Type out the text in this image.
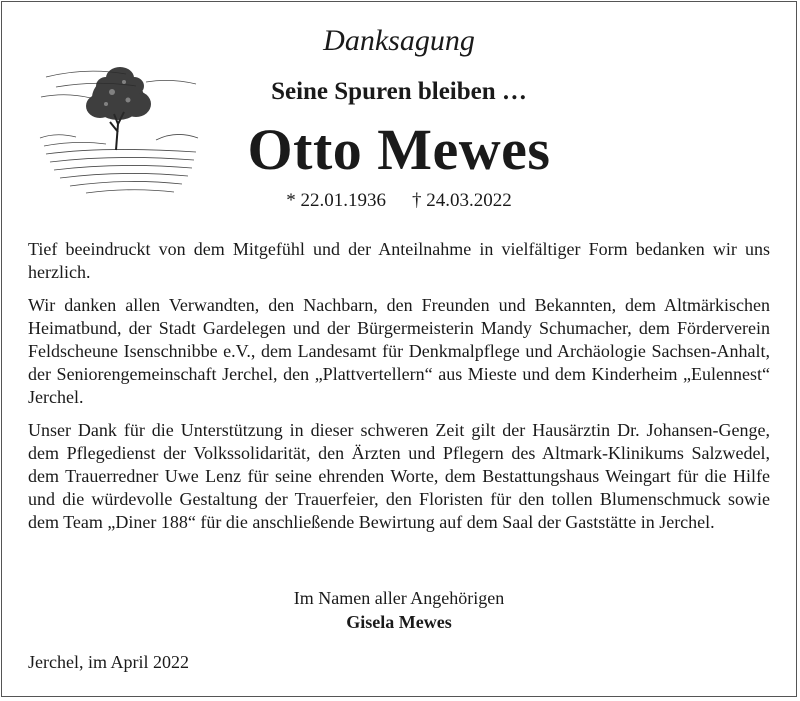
Danksagung
Seine Spuren bleiben …
Otto Mewes
* 22.01.1936 † 24.03.2022

Tief beeindruckt von dem Mitgefühl und der Anteilnahme in vielfältiger Form bedanken wir uns herzlich.

Wir danken allen Verwandten, den Nachbarn, den Freunden und Bekannten, dem Altmärkischen Heimatbund, der Stadt Gardelegen und der Bürgermeisterin Mandy Schumacher, dem Förderverein Feldscheune Isenschnibbe e.V., dem Landesamt für Denkmalpflege und Archäologie Sachsen-Anhalt, der Seniorengemeinschaft Jerchel, den „Plattvertellern“ aus Mieste und dem Kinderheim „Eulennest“ Jerchel.

Unser Dank für die Unterstützung in dieser schweren Zeit gilt der Hausärztin Dr. Johansen-Genge, dem Pflegedienst der Volkssolidarität, den Ärzten und Pflegern des Altmark-Klinikums Salzwedel, dem Trauerredner Uwe Lenz für seine ehrenden Worte, dem Bestattungshaus Weingart für die Hilfe und die würdevolle Gestaltung der Trauerfeier, den Floristen für den tollen Blumenschmuck sowie dem Team „Diner 188“ für die anschließende Bewirtung auf dem Saal der Gaststätte in Jerchel.

Im Namen aller Angehörigen
Gisela Mewes
Jerchel, im April 2022
